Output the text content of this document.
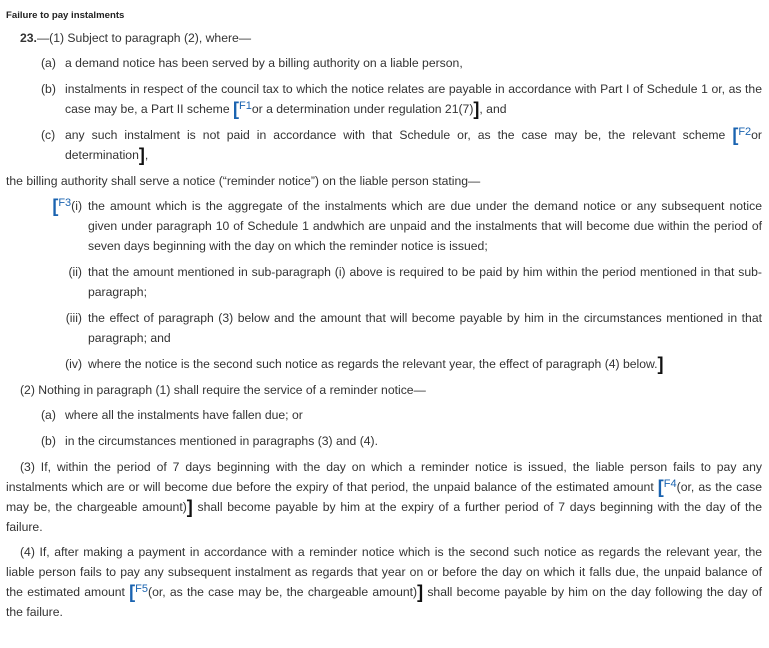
Failure to pay instalments

23.—(1) Subject to paragraph (2), where—

(a) a demand notice has been served by a billing authority on a liable person,

(b) instalments in respect of the council tax to which the notice relates are payable in accordance with Part I of Schedule 1 or, as the case may be, a Part II scheme [F1or a determination under regulation 21(7)], and

(c) any such instalment is not paid in accordance with that Schedule or, as the case may be, the relevant scheme [F2or determination],

the billing authority shall serve a notice (“reminder notice”) on the liable person stating—

[F3(i) the amount which is the aggregate of the instalments which are due under the demand notice or any subsequent notice given under paragraph 10 of Schedule 1 andwhich are unpaid and the instalments that will become due within the period of seven days beginning with the day on which the reminder notice is issued;

(ii) that the amount mentioned in sub-paragraph (i) above is required to be paid by him within the period mentioned in that sub-paragraph;

(iii) the effect of paragraph (3) below and the amount that will become payable by him in the circumstances mentioned in that paragraph; and

(iv) where the notice is the second such notice as regards the relevant year, the effect of paragraph (4) below.]

(2) Nothing in paragraph (1) shall require the service of a reminder notice—

(a) where all the instalments have fallen due; or

(b) in the circumstances mentioned in paragraphs (3) and (4).

(3) If, within the period of 7 days beginning with the day on which a reminder notice is issued, the liable person fails to pay any instalments which are or will become due before the expiry of that period, the unpaid balance of the estimated amount [F4(or, as the case may be, the chargeable amount)] shall become payable by him at the expiry of a further period of 7 days beginning with the day of the failure.

(4) If, after making a payment in accordance with a reminder notice which is the second such notice as regards the relevant year, the liable person fails to pay any subsequent instalment as regards that year on or before the day on which it falls due, the unpaid balance of the estimated amount [F5(or, as the case may be, the chargeable amount)] shall become payable by him on the day following the day of the failure.
